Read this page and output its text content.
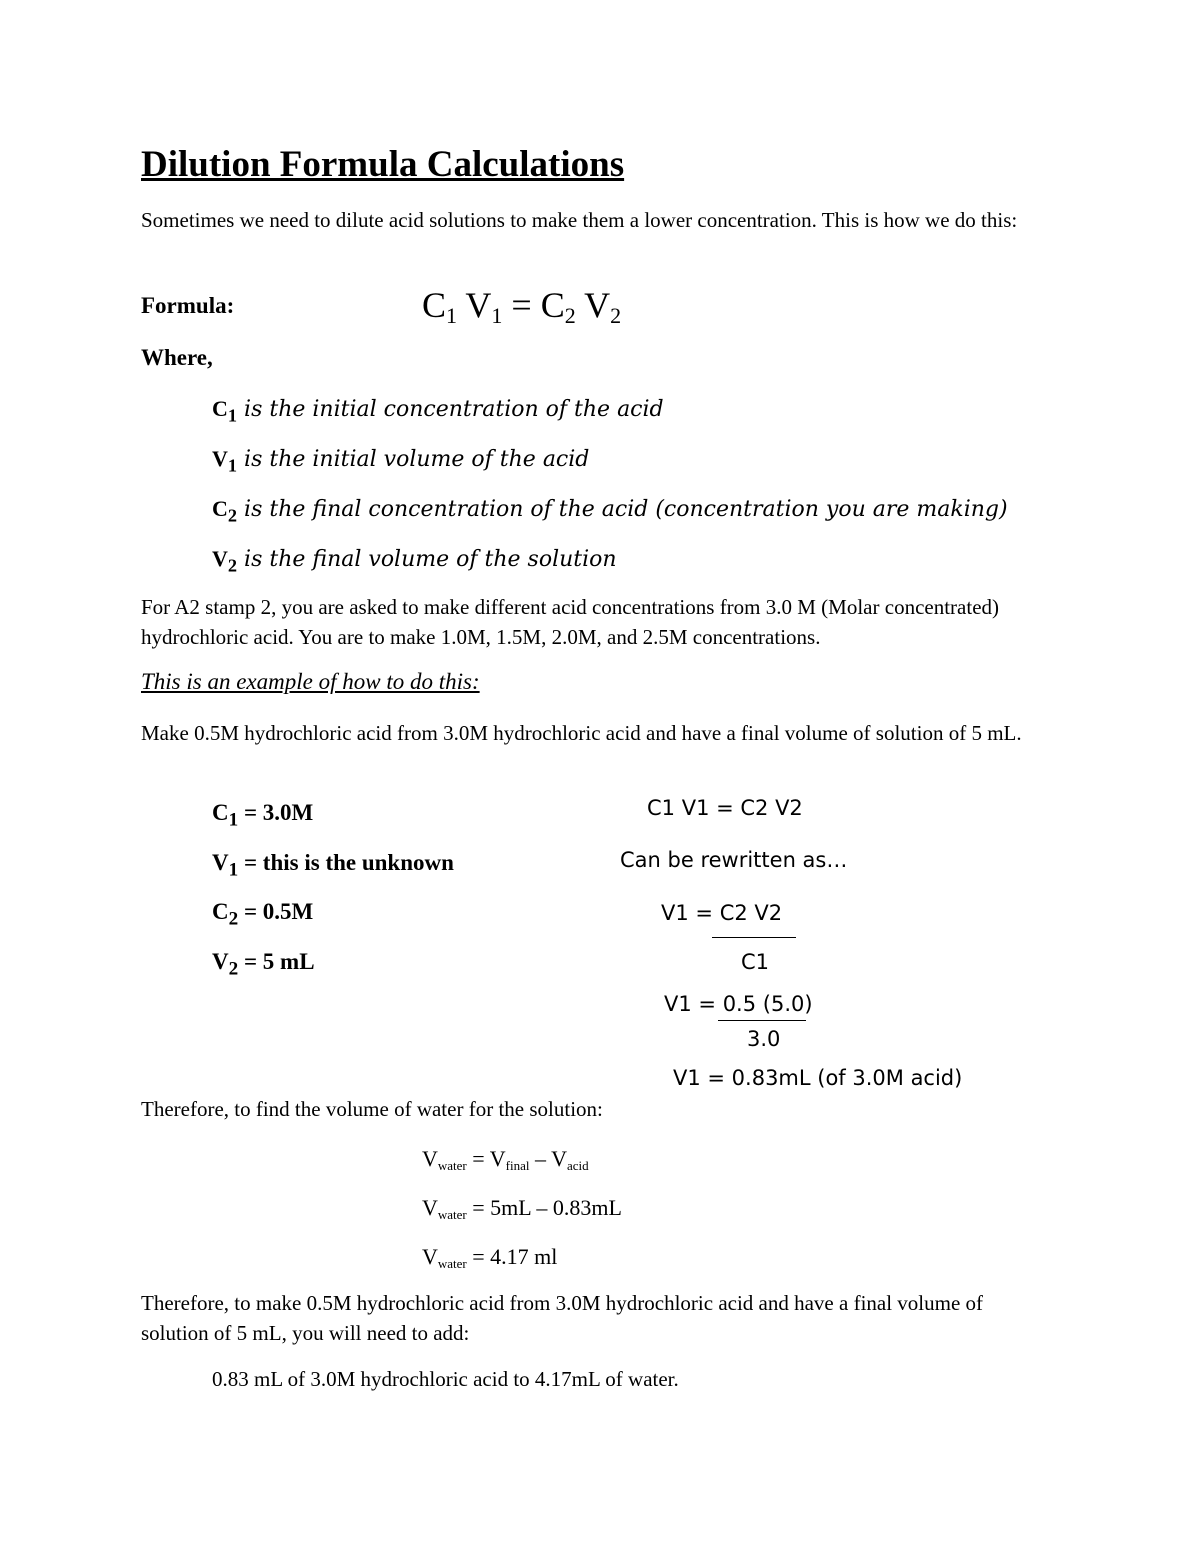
Dilution Formula Calculations
Sometimes we need to dilute acid solutions to make them a lower concentration. This is how we do this:
Formula:	$C_1$ $V_1 = C_2$ $V_2$
Where,
$C_1$ is the initial concentration of the acid
$V_1$ is the initial volume of the acid
$C_2$ is the final concentration of the acid (concentration you are making)
$V_2$ is the final volume of the solution
For A2 stamp 2, you are asked to make different acid concentrations from 3.0 M (Molar concentrated) hydrochloric acid. You are to make 1.0M, 1.5M, 2.0M, and 2.5M concentrations.
This is an example of how to do this:
Make 0.5M hydrochloric acid from 3.0M hydrochloric acid and have a final volume of solution of 5 mL.
$C_1 = 3.0M$
$V_1$ = this is the unknown
$C_2 = 0.5M$
$V_2 = 5$ mL
C1 V1 = C2 V2
Can be rewritten as…
V1 = C2 V2
C1
V1 = 0.5 (5.0)
3.0
V1 = 0.83mL (of 3.0M acid)
Therefore, to find the volume of water for the solution:
$V_{water} = V_{final} - V_{acid}$
$V_{water} = 5mL - 0.83mL$
$V_{water} = 4.17$ ml
Therefore, to make 0.5M hydrochloric acid from 3.0M hydrochloric acid and have a final volume of solution of 5 mL, you will need to add:
0.83 mL of 3.0M hydrochloric acid to 4.17mL of water.
